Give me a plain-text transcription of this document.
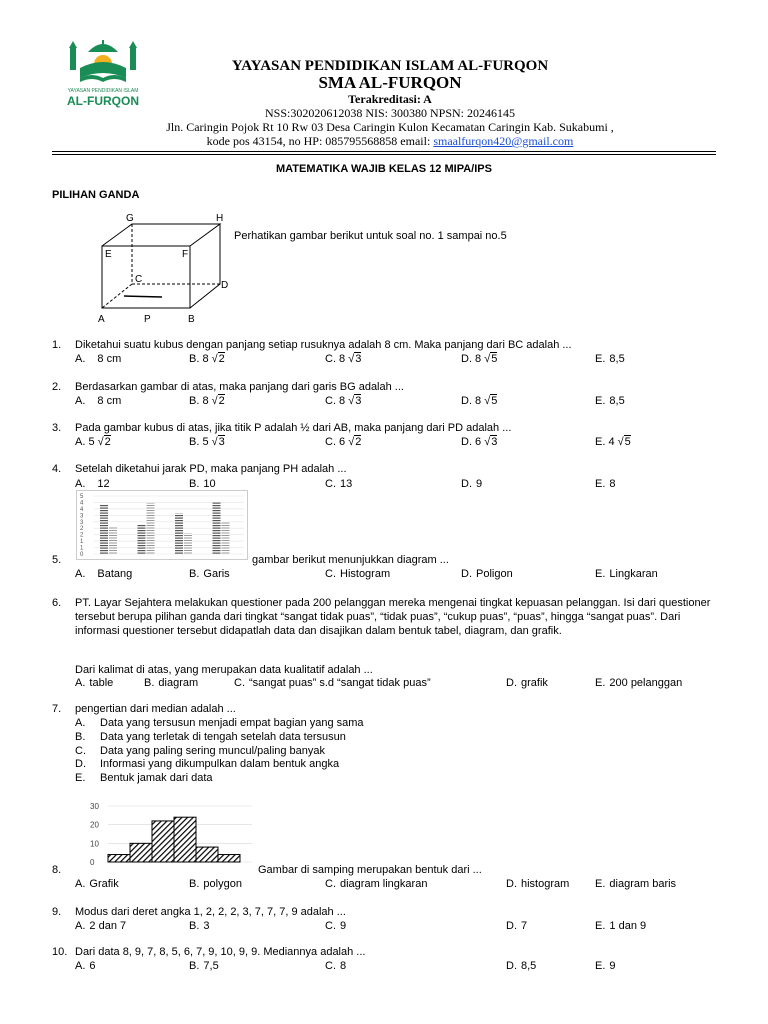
YAYASAN PENDIDIKAN ISLAM
AL-FURQON
YAYASAN PENDIDIKAN ISLAM AL-FURQON
SMA AL-FURQON
Terakreditasi: A
NSS:302020612038 NIS: 300380 NPSN: 20246145
Jln. Caringin Pojok Rt 10 Rw 03 Desa Caringin Kulon Kecamatan Caringin Kab. Sukabumi ,
kode pos 43154, no HP: 085795568858 email: smaalfurqon420@gmail.com
MATEMATIKA WAJIB KELAS 12 MIPA/IPS
PILIHAN GANDA
G	H
E	F
C
D
A	P	B
Perhatikan gambar berikut untuk soal no. 1 sampai no.5
1. Diketahui suatu kubus dengan panjang setiap rusuknya adalah 8 cm. Maka panjang dari BC adalah ...
A. 8 cm	B. 8 √2	C. 8 √3	D. 8 √5	E. 8,5
2. Berdasarkan gambar di atas, maka panjang dari garis BG adalah ...
A. 8 cm	B. 8 √2	C. 8 √3	D. 8 √5	E. 8,5
3. Pada gambar kubus di atas, jika titik P adalah ½ dari AB, maka panjang dari PD adalah ...
A. 5 √2	B. 5 √3	C. 6 √2	D. 6 √3	E. 4 √5
4. Setelah diketahui jarak PD, maka panjang PH adalah ...
A. 12	B. 10	C. 13	D. 9	E. 8
5.	gambar berikut menunjukkan diagram ...
A. Batang	B. Garis	C. Histogram	D. Poligon	E. Lingkaran
6. PT. Layar Sejahtera melakukan questioner pada 200 pelanggan mereka mengenai tingkat kepuasan pelanggan. Isi dari questioner tersebut berupa pilihan ganda dari tingkat “sangat tidak puas”, “tidak puas”, “cukup puas”, “puas”, hingga “sangat puas”. Dari informasi questioner tersebut didapatlah data dan disajikan dalam bentuk tabel, diagram, dan grafik.
Dari kalimat di atas, yang merupakan data kualitatif adalah ...
A. table	B. diagram	C. “sangat puas” s.d “sangat tidak puas”	D. grafik	E. 200 pelanggan
7. pengertian dari median adalah ...
A. Data yang tersusun menjadi empat bagian yang sama
B. Data yang terletak di tengah setelah data tersusun
C. Data yang paling sering muncul/paling banyak
D. Informasi yang dikumpulkan dalam bentuk angka
E. Bentuk jamak dari data
8.	Gambar di samping merupakan bentuk dari ...
A. Grafik	B. polygon	C. diagram lingkaran	D. histogram E. diagram baris
9. Modus dari deret angka 1, 2, 2, 2, 3, 7, 7, 7, 9 adalah ...
A. 2 dan 7	B. 3	C. 9	D. 7	E. 1 dan 9
10. Dari data 8, 9, 7, 8, 5, 6, 7, 9, 10, 9, 9. Mediannya adalah ...
A. 6	B. 7,5	C. 8	D. 8,5	E. 9
0
1
1
2
2
3
3
4
4
5
0
10
20
30
